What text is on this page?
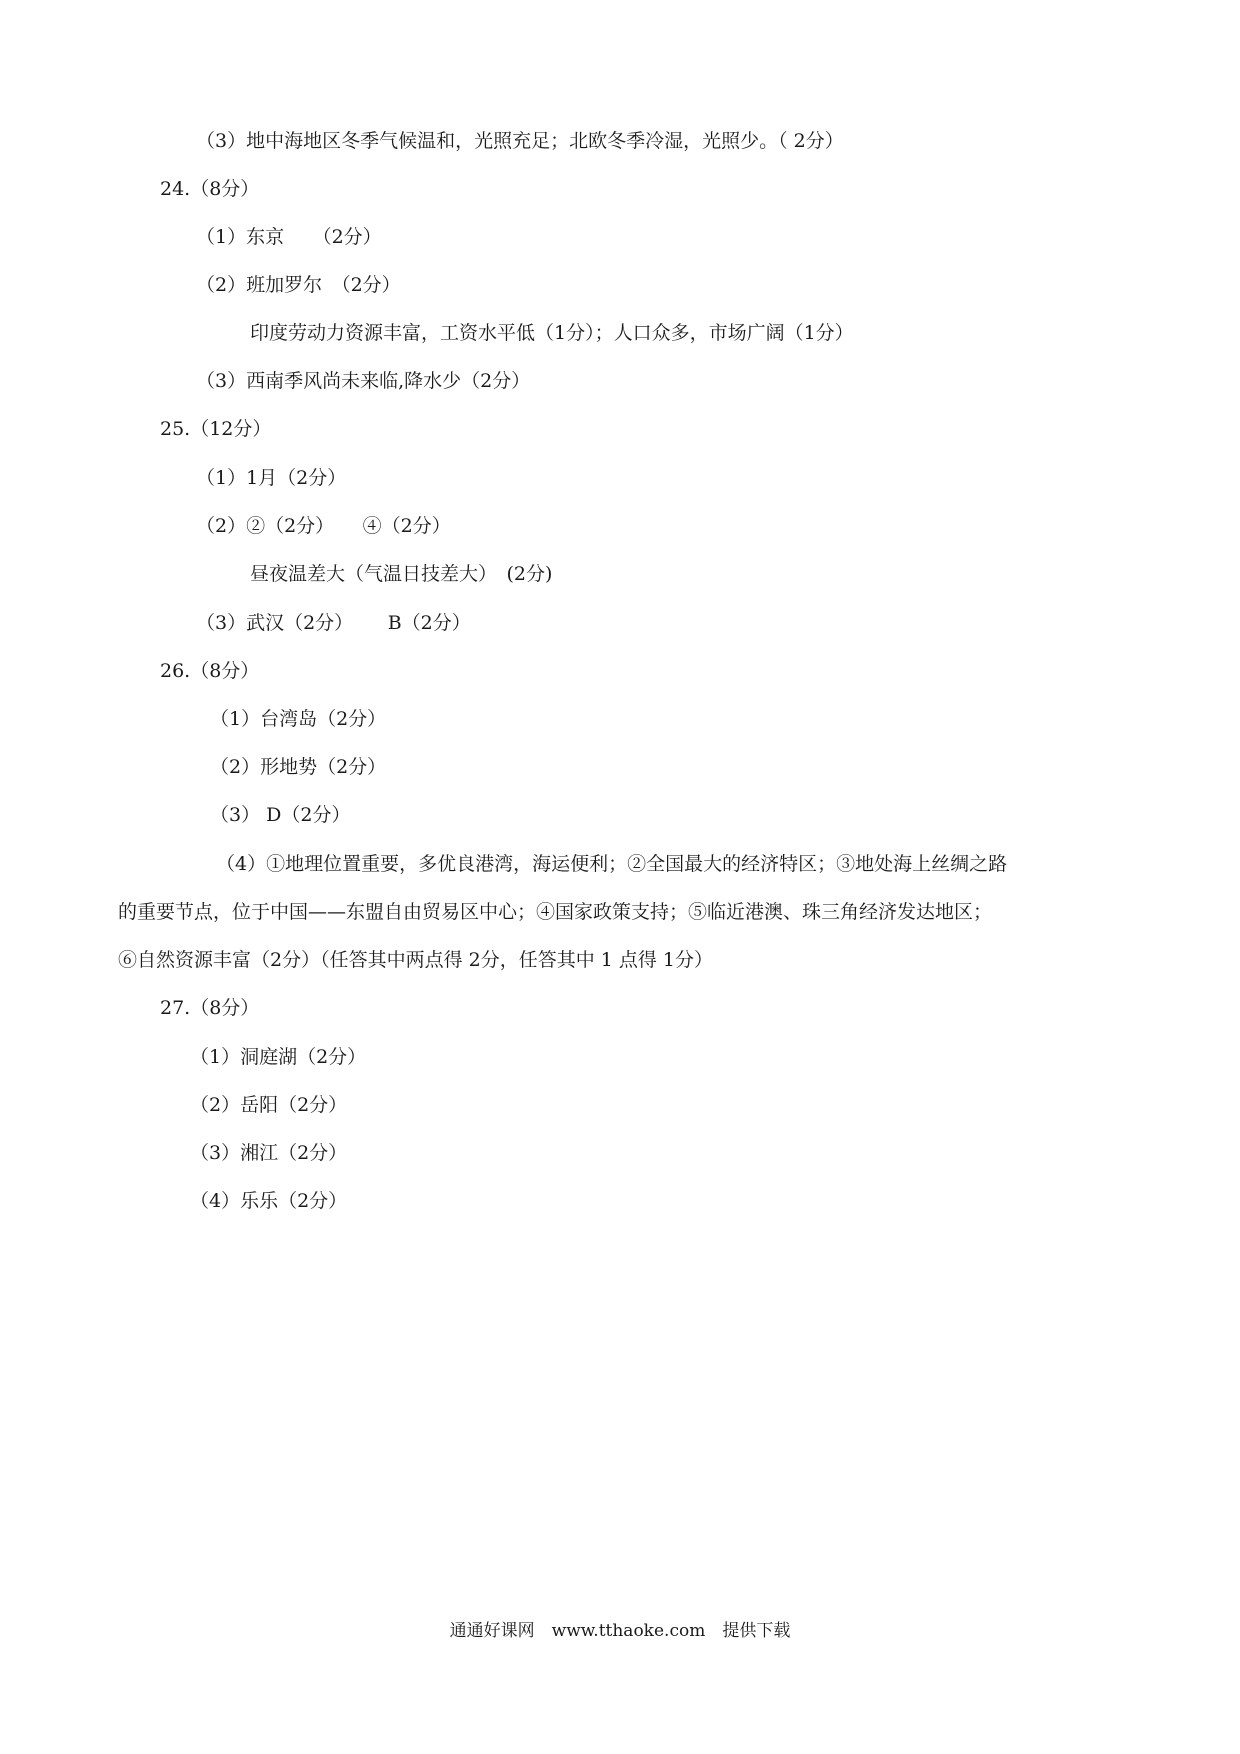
（3）地中海地区冬季气候温和，光照充足；北欧冬季冷湿，光照少。（ 2分）
24.（8分）
（1）东京　　（2分）
（2）班加罗尔　（2分）
印度劳动力资源丰富，工资水平低（1分）；人口众多，市场广阔（1分）
（3）西南季风尚未来临,降水少（2分）
25.（12分）
（1）1月（2分）
（2）②（2分）　　④（2分）
昼夜温差大（气温日技差大）　(2分)
（3）武汉（2分）　　 B（2分）
26.（8分）
（1）台湾岛（2分）
（2）形地势（2分）
（3） D（2分）
（4）①地理位置重要，多优良港湾，海运便利；②全国最大的经济特区；③地处海上丝绸之路
的重要节点，位于中国——东盟自由贸易区中心；④国家政策支持；⑤临近港澳、珠三角经济发达地区；
⑥自然资源丰富（2分）（任答其中两点得 2分，任答其中 1 点得 1分）
27.（8分）
（1）洞庭湖（2分）
（2）岳阳（2分）
（3）湘江（2分）
（4）乐乐（2分）
通通好课网　www.tthaoke.com　提供下载
